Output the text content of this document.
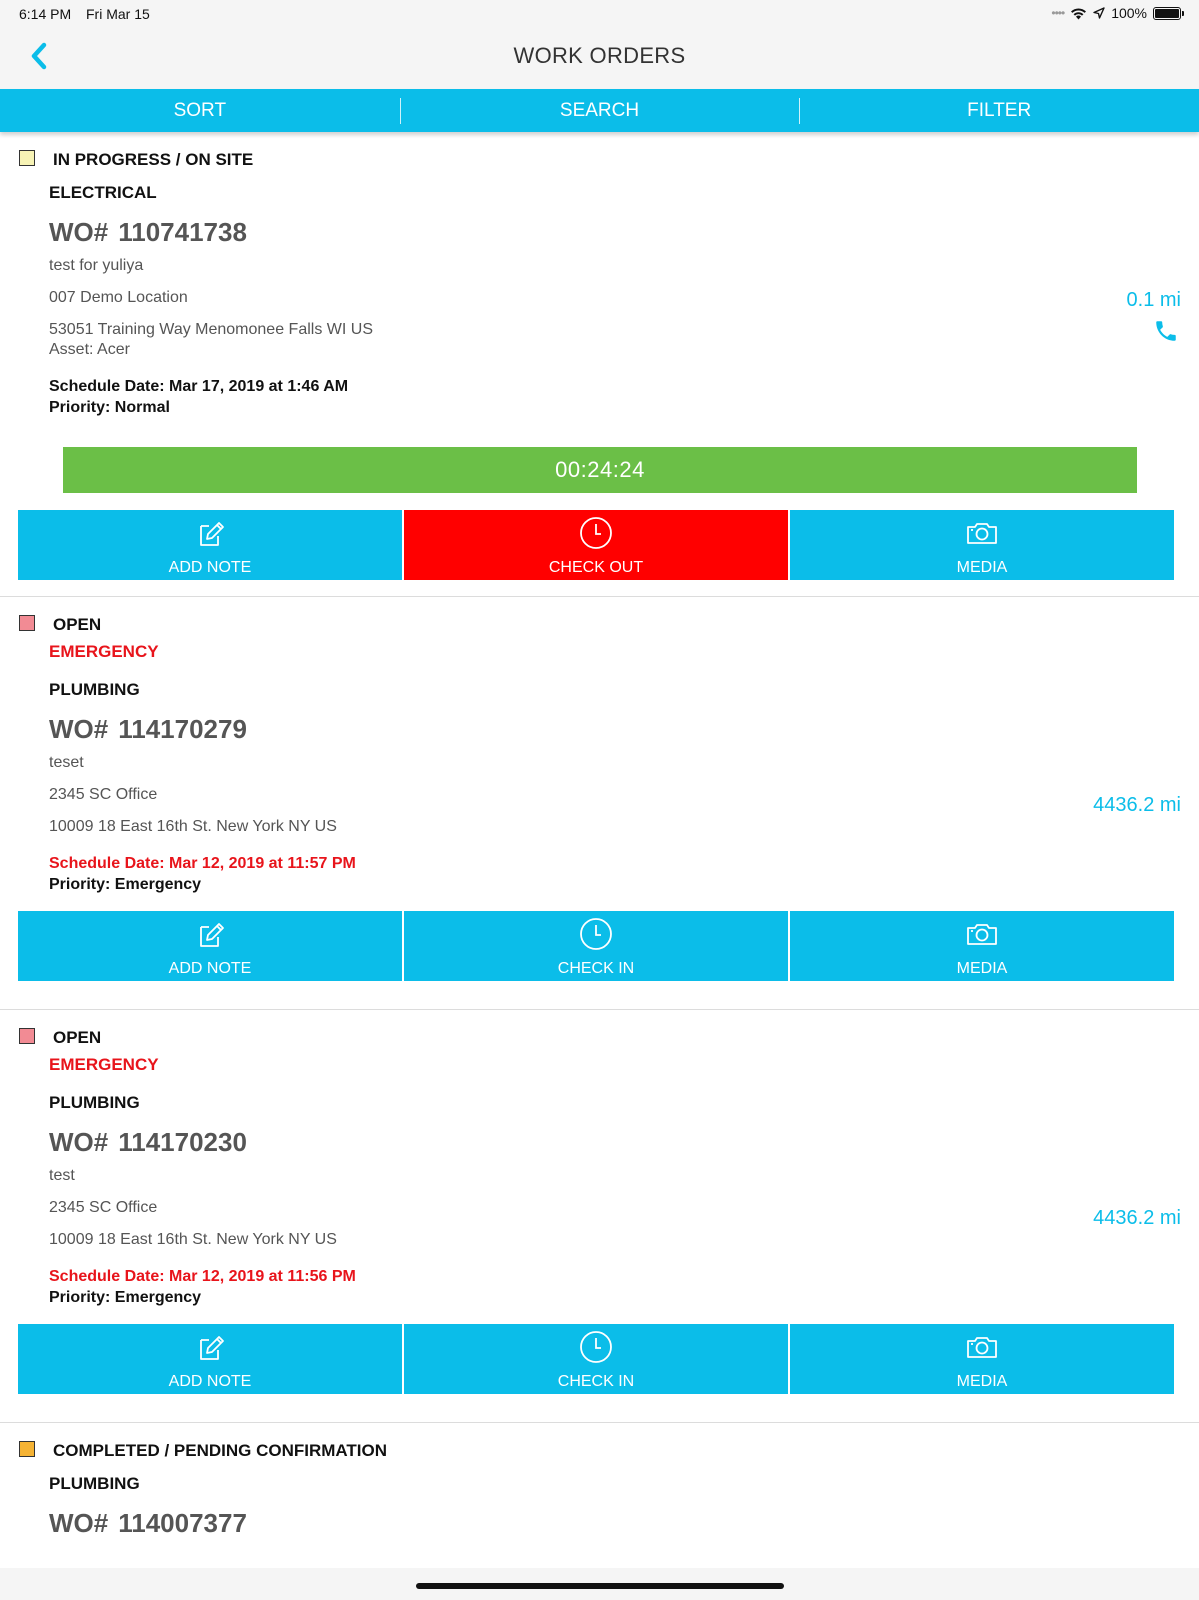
6:14 PM Fri Mar 15	••••	100%
WORK ORDERS
SORT	SEARCH	FILTER
IN PROGRESS / ON SITE
ELECTRICAL
WO# 110741738
test for yuliya
007 Demo Location
53051 Training Way Menomonee Falls WI US
Asset: Acer
Schedule Date: Mar 17, 2019 at 1:46 AM
Priority: Normal
0.1 mi
00:24:24
ADD NOTE	CHECK OUT	MEDIA
OPEN
EMERGENCY
PLUMBING
WO# 114170279
teset
2345 SC Office
10009 18 East 16th St. New York NY US
Schedule Date: Mar 12, 2019 at 11:57 PM
Priority: Emergency
4436.2 mi
ADD NOTE	CHECK IN	MEDIA
OPEN
EMERGENCY
PLUMBING
WO# 114170230
test
2345 SC Office
10009 18 East 16th St. New York NY US
Schedule Date: Mar 12, 2019 at 11:56 PM
Priority: Emergency
4436.2 mi
ADD NOTE	CHECK IN	MEDIA
COMPLETED / PENDING CONFIRMATION
PLUMBING
WO# 114007377
